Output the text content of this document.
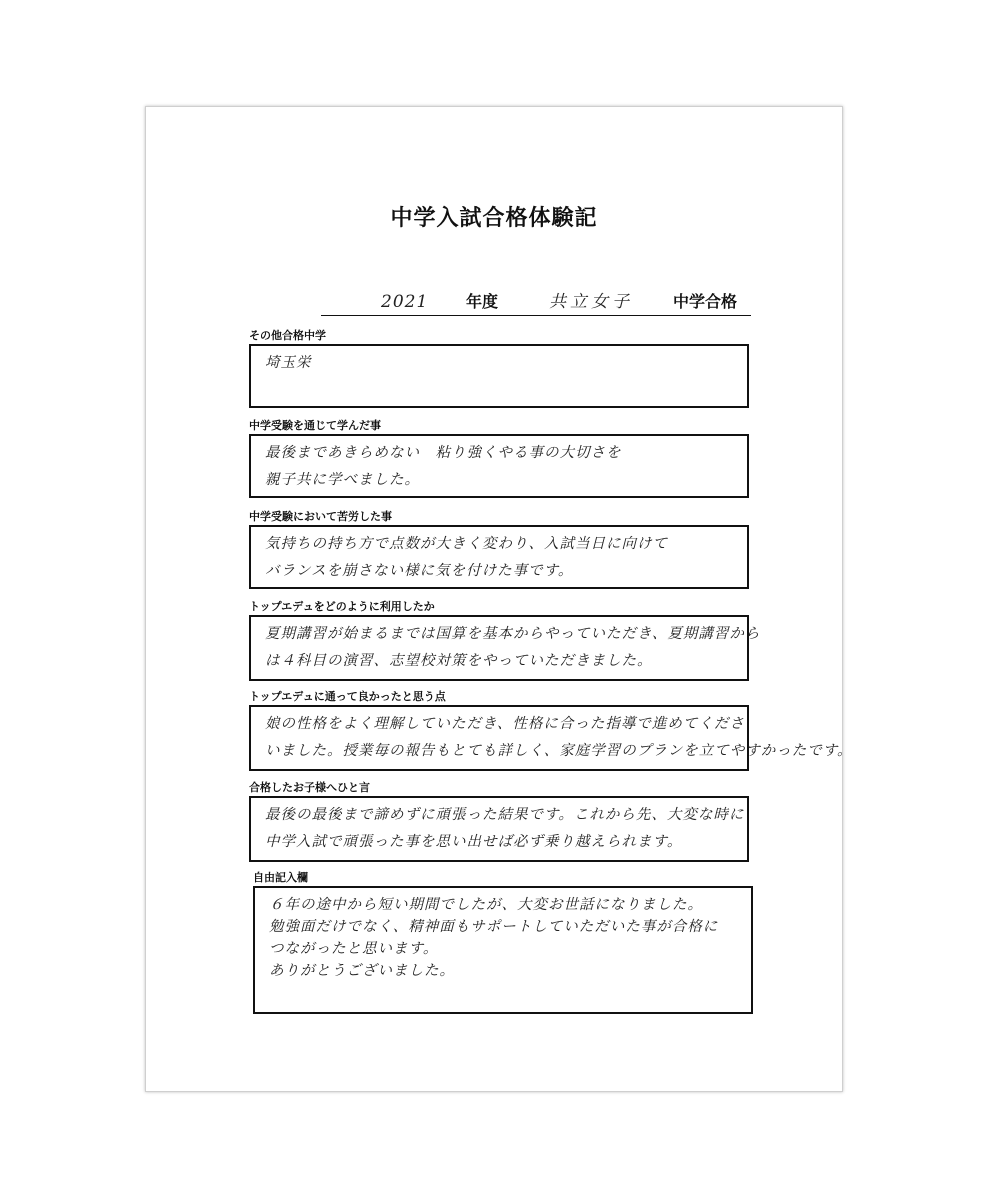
中学入試合格体験記
2021 年度	共立女子	中学合格
その他合格中学
埼玉栄
中学受験を通じて学んだ事
最後まであきらめない　粘り強くやる事の大切さを
親子共に学べました。
中学受験において苦労した事
気持ちの持ち方で点数が大きく変わり、入試当日に向けて
バランスを崩さない様に気を付けた事です。
トップエデュをどのように利用したか
夏期講習が始まるまでは国算を基本からやっていただき、夏期講習から
は４科目の演習、志望校対策をやっていただきました。
トップエデュに通って良かったと思う点
娘の性格をよく理解していただき、性格に合った指導で進めてくださ
いました。授業毎の報告もとても詳しく、家庭学習のプランを立てやすかったです。
合格したお子様へひと言
最後の最後まで諦めずに頑張った結果です。これから先、大変な時に
中学入試で頑張った事を思い出せば必ず乗り越えられます。
自由記入欄
６年の途中から短い期間でしたが、大変お世話になりました。
勉強面だけでなく、精神面もサポートしていただいた事が合格に
つながったと思います。
ありがとうございました。
